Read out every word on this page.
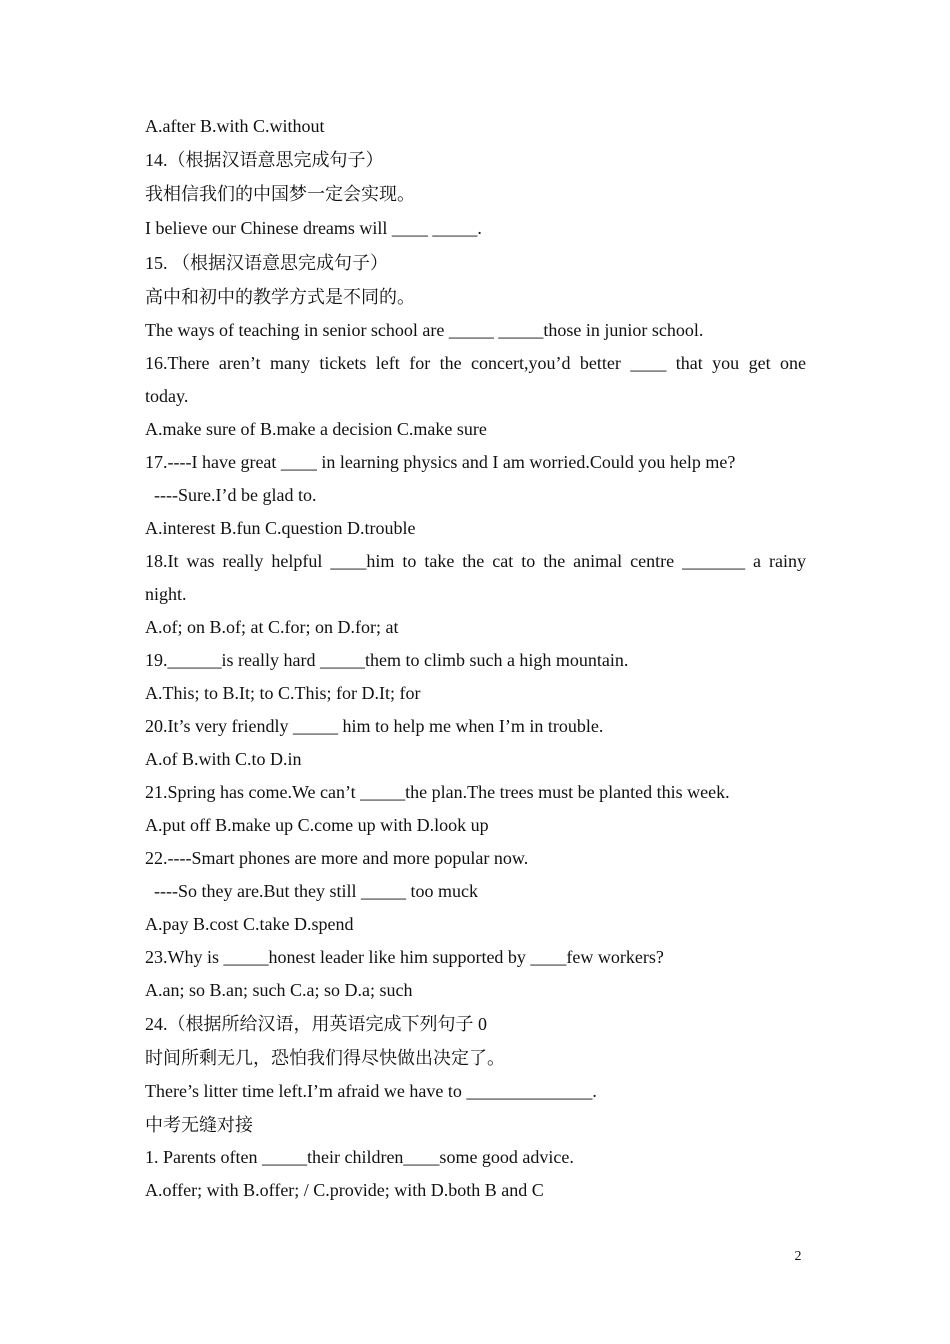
A.after B.with C.without
14.（根据汉语意思完成句子）
我相信我们的中国梦一定会实现。
I believe our Chinese dreams will ____ _____.
15. （根据汉语意思完成句子）
高中和初中的教学方式是不同的。
The ways of teaching in senior school are _____ _____those in junior school.
16.There aren’t many tickets left for the concert,you’d better ____ that you get one
today.
A.make sure of B.make a decision C.make sure
17.----I have great ____ in learning physics and I am worried.Could you help me?
----Sure.I’d be glad to.
A.interest B.fun C.question D.trouble
18.It was really helpful ____him to take the cat to the animal centre _______ a rainy
night.
A.of; on B.of; at C.for; on D.for; at
19.______is really hard _____them to climb such a high mountain.
A.This; to B.It; to C.This; for D.It; for
20.It’s very friendly _____ him to help me when I’m in trouble.
A.of B.with C.to D.in
21.Spring has come.We can’t _____the plan.The trees must be planted this week.
A.put off B.make up C.come up with D.look up
22.----Smart phones are more and more popular now.
----So they are.But they still _____ too muck
A.pay B.cost C.take D.spend
23.Why is _____honest leader like him supported by ____few workers?
A.an; so B.an; such C.a; so D.a; such
24.（根据所给汉语，用英语完成下列句子 0
时间所剩无几，恐怕我们得尽快做出决定了。
There’s litter time left.I’m afraid we have to ______________.
中考无缝对接
1. Parents often _____their children____some good advice.
A.offer; with B.offer; / C.provide; with D.both B and C
2
